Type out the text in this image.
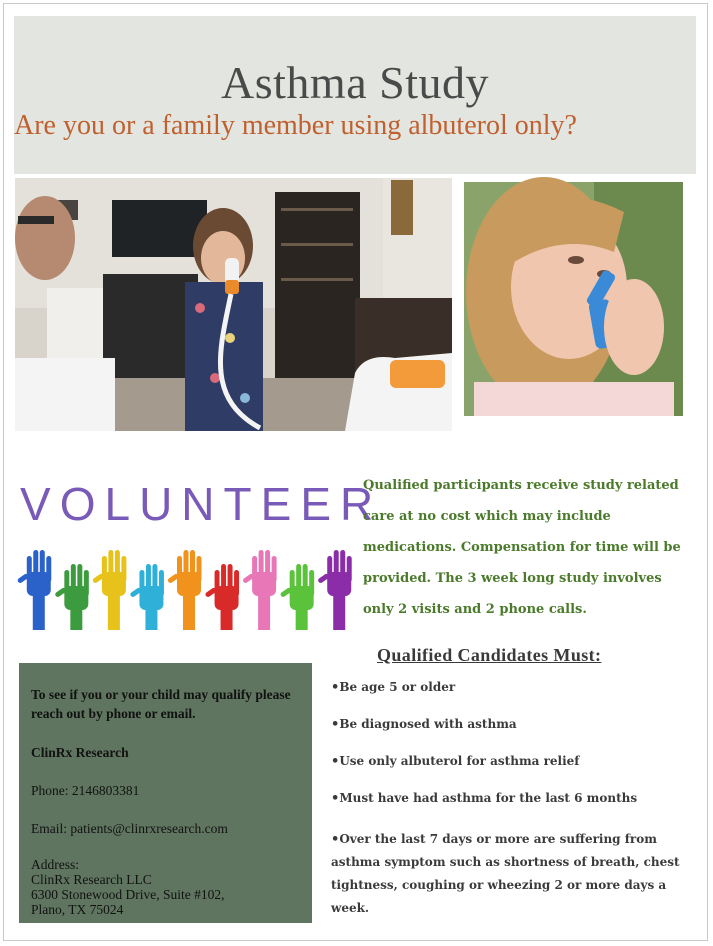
Asthma Study
Are you or a family member using albuterol only?
VOLUNTEER
Qualified participants receive study related care at no cost which may include medications. Compensation for time will be provided. The 3 week long study involves only 2 visits and 2 phone calls.

To see if you or your child may qualify please reach out by phone or email.

ClinRx Research

Phone: 2146803381

Email: patients@clinrxresearch.com

Address:
ClinRx Research LLC
6300 Stonewood Drive, Suite #102,
Plano, TX 75024
Qualified Candidates Must:
•Be age 5 or older
•Be diagnosed with asthma
•Use only albuterol for asthma relief
•Must have had asthma for the last 6 months
•Over the last 7 days or more are suffering from asthma symptom such as shortness of breath, chest tightness, coughing or wheezing 2 or more days a week.
